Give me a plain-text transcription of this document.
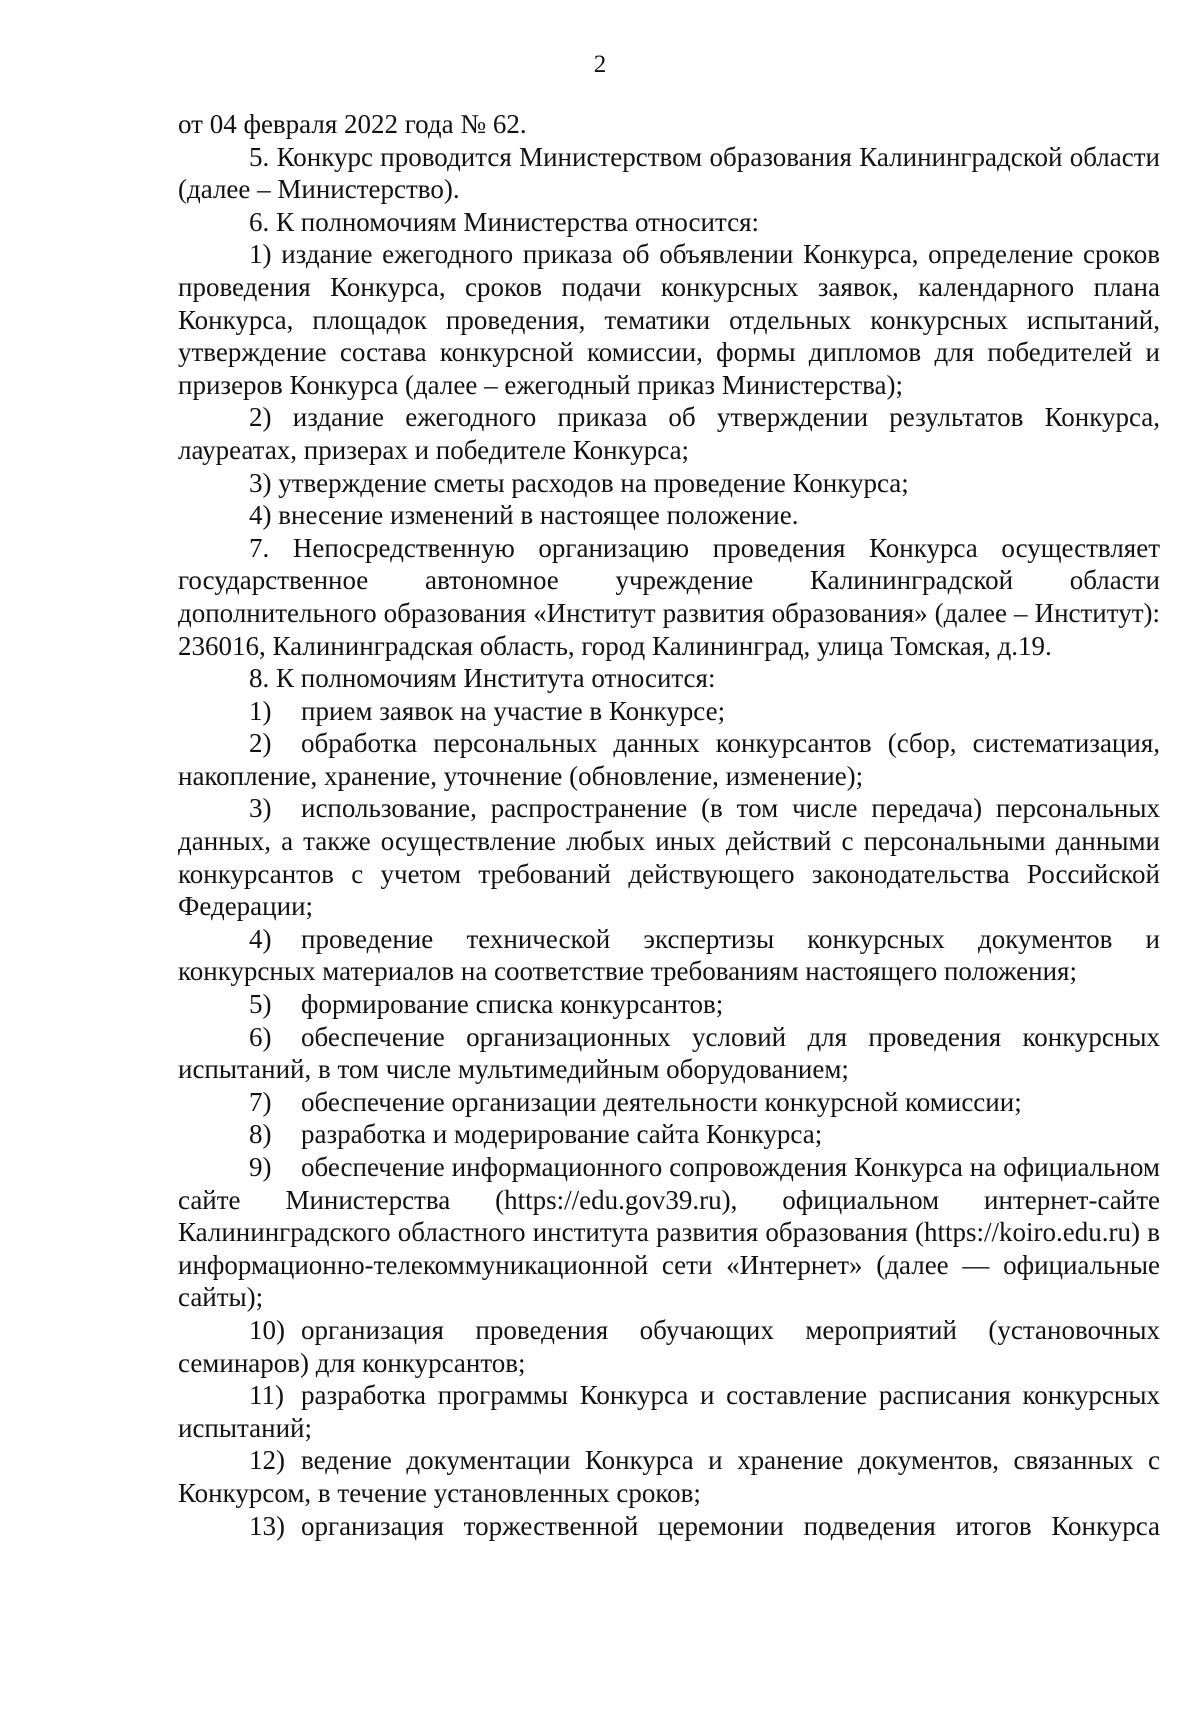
2

от 04 февраля 2022 года № 62.

5. Конкурс проводится Министерством образования Калининградской области (далее – Министерство).

6. К полномочиям Министерства относится:

1) издание ежегодного приказа об объявлении Конкурса, определение сроков проведения Конкурса, сроков подачи конкурсных заявок, календарного плана Конкурса, площадок проведения, тематики отдельных конкурсных испытаний, утверждение состава конкурсной комиссии, формы дипломов для победителей и призеров Конкурса (далее – ежегодный приказ Министерства);

2) издание ежегодного приказа об утверждении результатов Конкурса, лауреатах, призерах и победителе Конкурса;

3) утверждение сметы расходов на проведение Конкурса;

4) внесение изменений в настоящее положение.

7. Непосредственную организацию проведения Конкурса осуществляет государственное автономное учреждение Калининградской области дополнительного образования «Институт развития образования» (далее – Институт): 236016, Калининградская область, город Калининград, улица Томская, д.19.

8. К полномочиям Института относится:

1) прием заявок на участие в Конкурсе;

2) обработка персональных данных конкурсантов (сбор, систематизация, накопление, хранение, уточнение (обновление, изменение);

3) использование, распространение (в том числе передача) персональных данных, а также осуществление любых иных действий с персональными данными конкурсантов с учетом требований действующего законодательства Российской Федерации;

4) проведение технической экспертизы конкурсных документов и конкурсных материалов на соответствие требованиям настоящего положения;

5) формирование списка конкурсантов;

6) обеспечение организационных условий для проведения конкурсных испытаний, в том числе мультимедийным оборудованием;

7) обеспечение организации деятельности конкурсной комиссии;

8) разработка и модерирование сайта Конкурса;

9) обеспечение информационного сопровождения Конкурса на официальном сайте Министерства (https://edu.gov39.ru), официальном интернет-сайте Калининградского областного института развития образования (https://koiro.edu.ru) в информационно-телекоммуникационной сети «Интернет» (далее — официальные сайты);

10) организация проведения обучающих мероприятий (установочных семинаров) для конкурсантов;

11) разработка программы Конкурса и составление расписания конкурсных испытаний;

12) ведение документации Конкурса и хранение документов, связанных с Конкурсом, в течение установленных сроков;

13) организация торжественной церемонии подведения итогов Конкурса
